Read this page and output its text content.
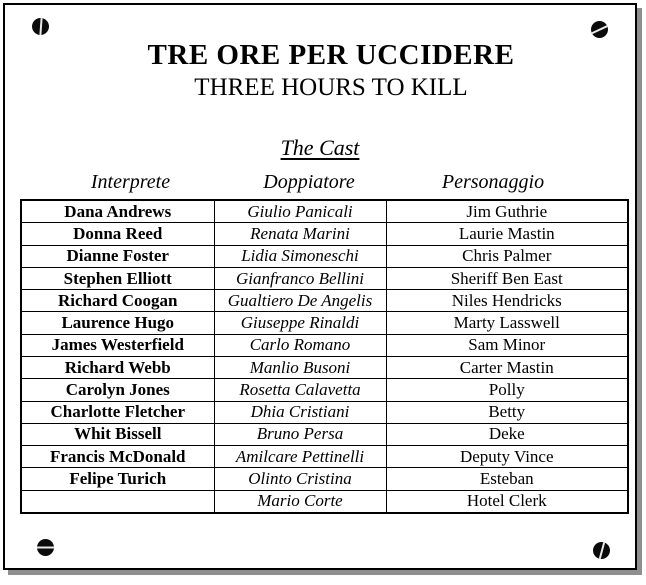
TRE ORE PER UCCIDERE
THREE HOURS TO KILL
The Cast
Interprete	Doppiatore	Personaggio
Dana Andrews	Giulio Panicali	Jim Guthrie
Donna Reed	Renata Marini	Laurie Mastin
Dianne Foster	Lidia Simoneschi	Chris Palmer
Stephen Elliott	Gianfranco Bellini	Sheriff Ben East
Richard Coogan	Gualtiero De Angelis	Niles Hendricks
Laurence Hugo	Giuseppe Rinaldi	Marty Lasswell
James Westerfield	Carlo Romano	Sam Minor
Richard Webb	Manlio Busoni	Carter Mastin
Carolyn Jones	Rosetta Calavetta	Polly
Charlotte Fletcher	Dhia Cristiani	Betty
Whit Bissell	Bruno Persa	Deke
Francis McDonald	Amilcare Pettinelli	Deputy Vince
Felipe Turich	Olinto Cristina	Esteban
	Mario Corte	Hotel Clerk
